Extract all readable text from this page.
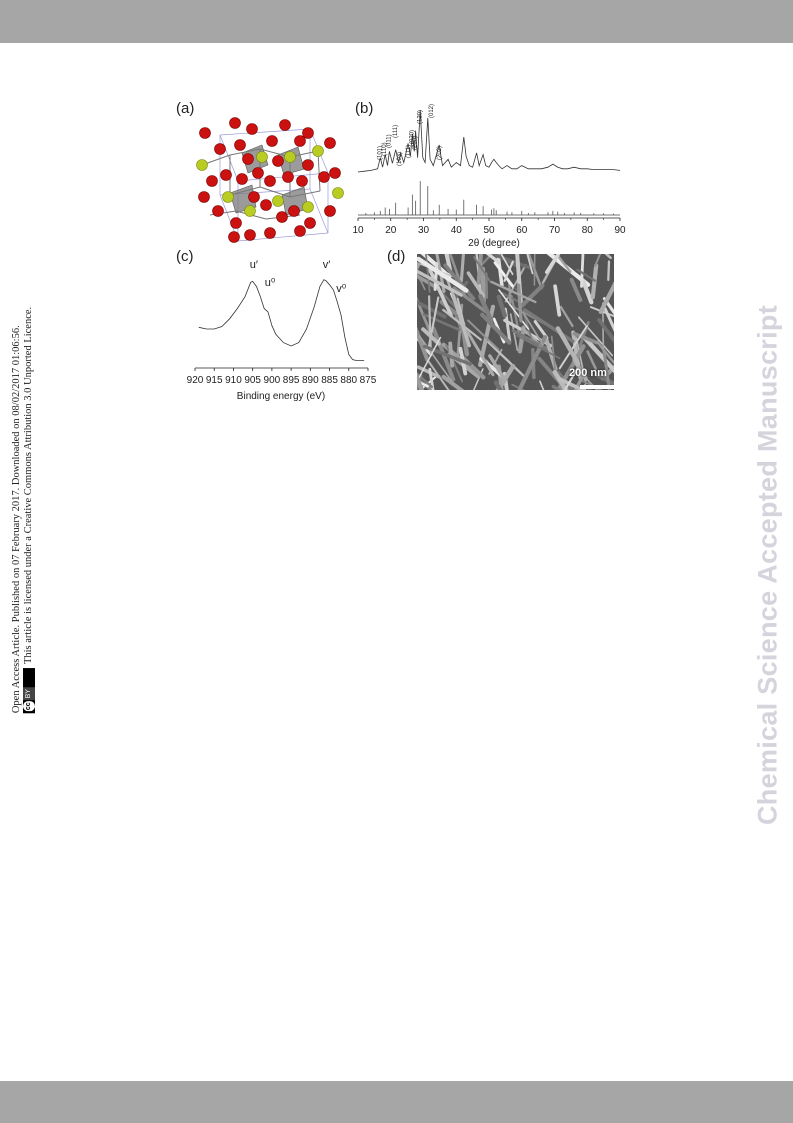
Chemical Science Accepted Manuscript
Open Access Article. Published on 07 February 2017. Downloaded on 08/02/2017 01:06:56. cc
BY
This article is licensed under a Creative Commons Attribution 3.0 Unported Licence.
(a)	(b)
(c)	(d)
10 20 30 40 50 60 70 80 90
(101)
(110)
(011)
(111)
(103)
(111)
(020)
(200)
(120) (012)
(202)
2θ (degree)
920 915 910 905 900 895 890 885 880 875
u′
u⁰
v′
v⁰
Binding energy (eV)
200 nm
